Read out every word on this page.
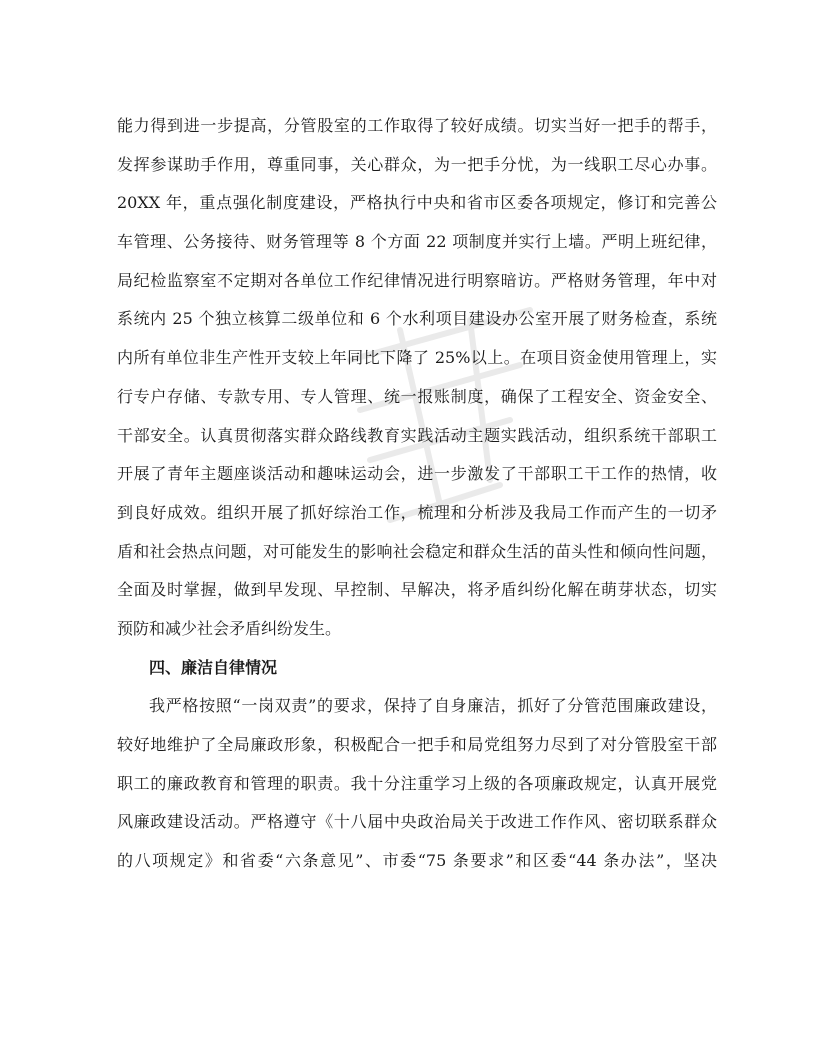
能力得到进一步提高，分管股室的工作取得了较好成绩。切实当好一把手的帮手，
发挥参谋助手作用，尊重同事，关心群众，为一把手分忧，为一线职工尽心办事。
20XX 年，重点强化制度建设，严格执行中央和省市区委各项规定，修订和完善公
车管理、公务接待、财务管理等 8 个方面 22 项制度并实行上墙。严明上班纪律，
局纪检监察室不定期对各单位工作纪律情况进行明察暗访。严格财务管理，年中对
系统内 25 个独立核算二级单位和 6 个水利项目建设办公室开展了财务检查，系统
内所有单位非生产性开支较上年同比下降了 25%以上。在项目资金使用管理上，实
行专户存储、专款专用、专人管理、统一报账制度，确保了工程安全、资金安全、
干部安全。认真贯彻落实群众路线教育实践活动主题实践活动，组织系统干部职工
开展了青年主题座谈活动和趣味运动会，进一步激发了干部职工干工作的热情，收
到良好成效。组织开展了抓好综治工作，梳理和分析涉及我局工作而产生的一切矛
盾和社会热点问题，对可能发生的影响社会稳定和群众生活的苗头性和倾向性问题，
全面及时掌握，做到早发现、早控制、早解决，将矛盾纠纷化解在萌芽状态，切实
预防和减少社会矛盾纠纷发生。
四、廉洁自律情况
我严格按照“一岗双责”的要求，保持了自身廉洁，抓好了分管范围廉政建设，
较好地维护了全局廉政形象，积极配合一把手和局党组努力尽到了对分管股室干部
职工的廉政教育和管理的职责。我十分注重学习上级的各项廉政规定，认真开展党
风廉政建设活动。严格遵守《十八届中央政治局关于改进工作作风、密切联系群众
的八项规定》和省委“六条意见”、市委“75 条要求”和区委“44 条办法”，坚决
